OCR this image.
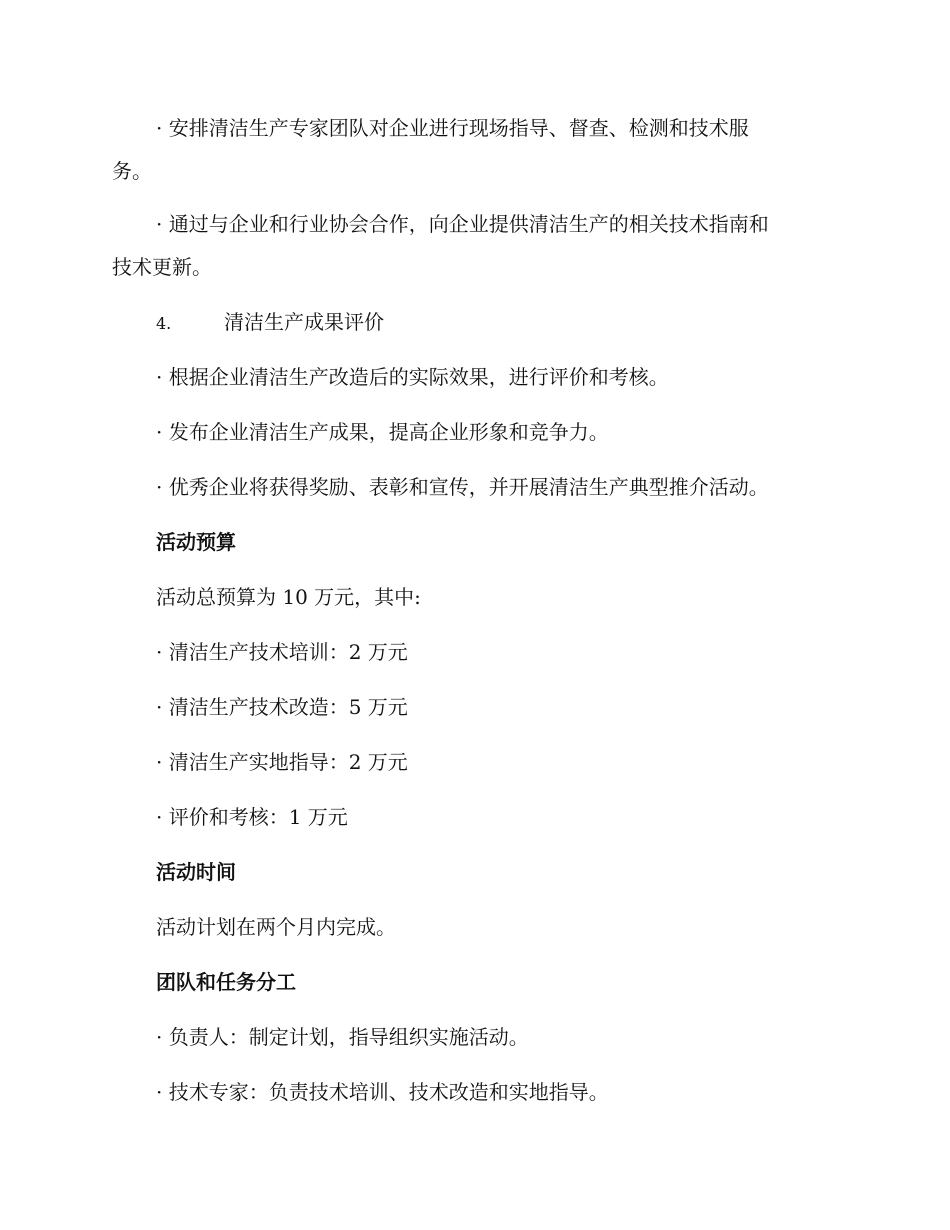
· 安排清洁生产专家团队对企业进行现场指导、督查、检测和技术服
务。
· 通过与企业和行业协会合作，向企业提供清洁生产的相关技术指南和
技术更新。
4.	清洁生产成果评价
· 根据企业清洁生产改造后的实际效果，进行评价和考核。
· 发布企业清洁生产成果，提高企业形象和竞争力。
· 优秀企业将获得奖励、表彰和宣传，并开展清洁生产典型推介活动。
活动预算
活动总预算为 10 万元，其中:
· 清洁生产技术培训：2 万元
· 清洁生产技术改造：5 万元
· 清洁生产实地指导：2 万元
· 评价和考核：1 万元
活动时间
活动计划在两个月内完成。
团队和任务分工
· 负责人：制定计划，指导组织实施活动。
· 技术专家：负责技术培训、技术改造和实地指导。
